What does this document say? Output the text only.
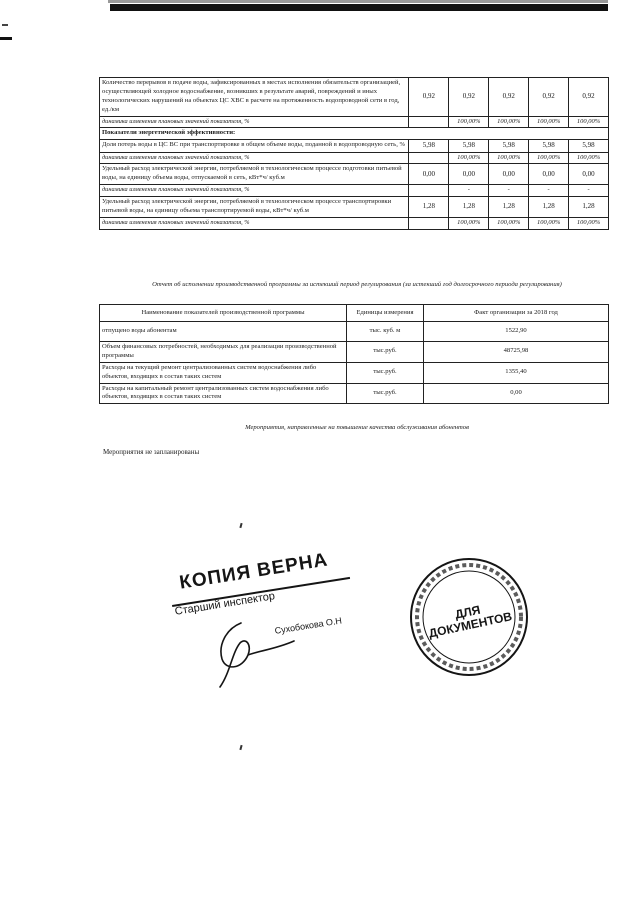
Количество перерывов в подаче воды, зафиксированных в местах исполнения обязательств организацией, осуществляющей холодное водоснабжение, возникших в результате аварий, повреждений и иных технологических нарушений на объектах ЦС ХВС в расчете на протяженность водопроводной сети в год, ед./км	0,92	0,92	0,92	0,92	0,92
динамика изменения плановых значений показателя, %		100,00%	100,00%	100,00%	100,00%
Показатели энергетической эффективности:					
Доля потерь воды в ЦС ВС при транспортировке в общем объеме воды, поданной в водопроводную сеть, %	5,98	5,98	5,98	5,98	5,98
динамика изменения плановых значений показателя, %		100,00%	100,00%	100,00%	100,00%
Удельный расход электрической энергии, потребляемой в технологическом процессе подготовки питьевой воды, на единицу объема воды, отпускаемой в сеть, кВт*ч/ куб.м	0,00	0,00	0,00	0,00	0,00
динамика изменения плановых значений показателя, %		-	-	-	-
Удельный расход электрической энергии, потребляемой в технологическом процессе транспортировки питьевой воды, на единицу объема транспортируемой воды, кВт*ч/ куб.м	1,28	1,28	1,28	1,28	1,28
динамика изменения плановых значений показателя, %		100,00%	100,00%	100,00%	100,00%
Отчет об исполнении производственной программы за истекший период регулирования (за истекший год долгосрочного периода регулирования)
Наименование показателей производственной программы	Единицы измерения	Факт организации за 2018 год
отпущено воды абонентам	тыс. куб. м	1522,90
Объем финансовых потребностей, необходимых для реализации производственной программы	тыс.руб.	48725,98
Расходы на текущий ремонт централизованных систем водоснабжения либо объектов, входящих в состав таких систем	тыс.руб.	1355,40
Расходы на капитальный ремонт централизованных систем водоснабжения либо объектов, входящих в состав таких систем	тыс.руб.	0,00
Мероприятия, направленные на повышение качества обслуживания абонентов
Мероприятия не запланированы
КОПИЯ ВЕРНА
Старший инспектор
Сухобокова О.Н
ДЛЯ ДОКУМЕНТОВ
